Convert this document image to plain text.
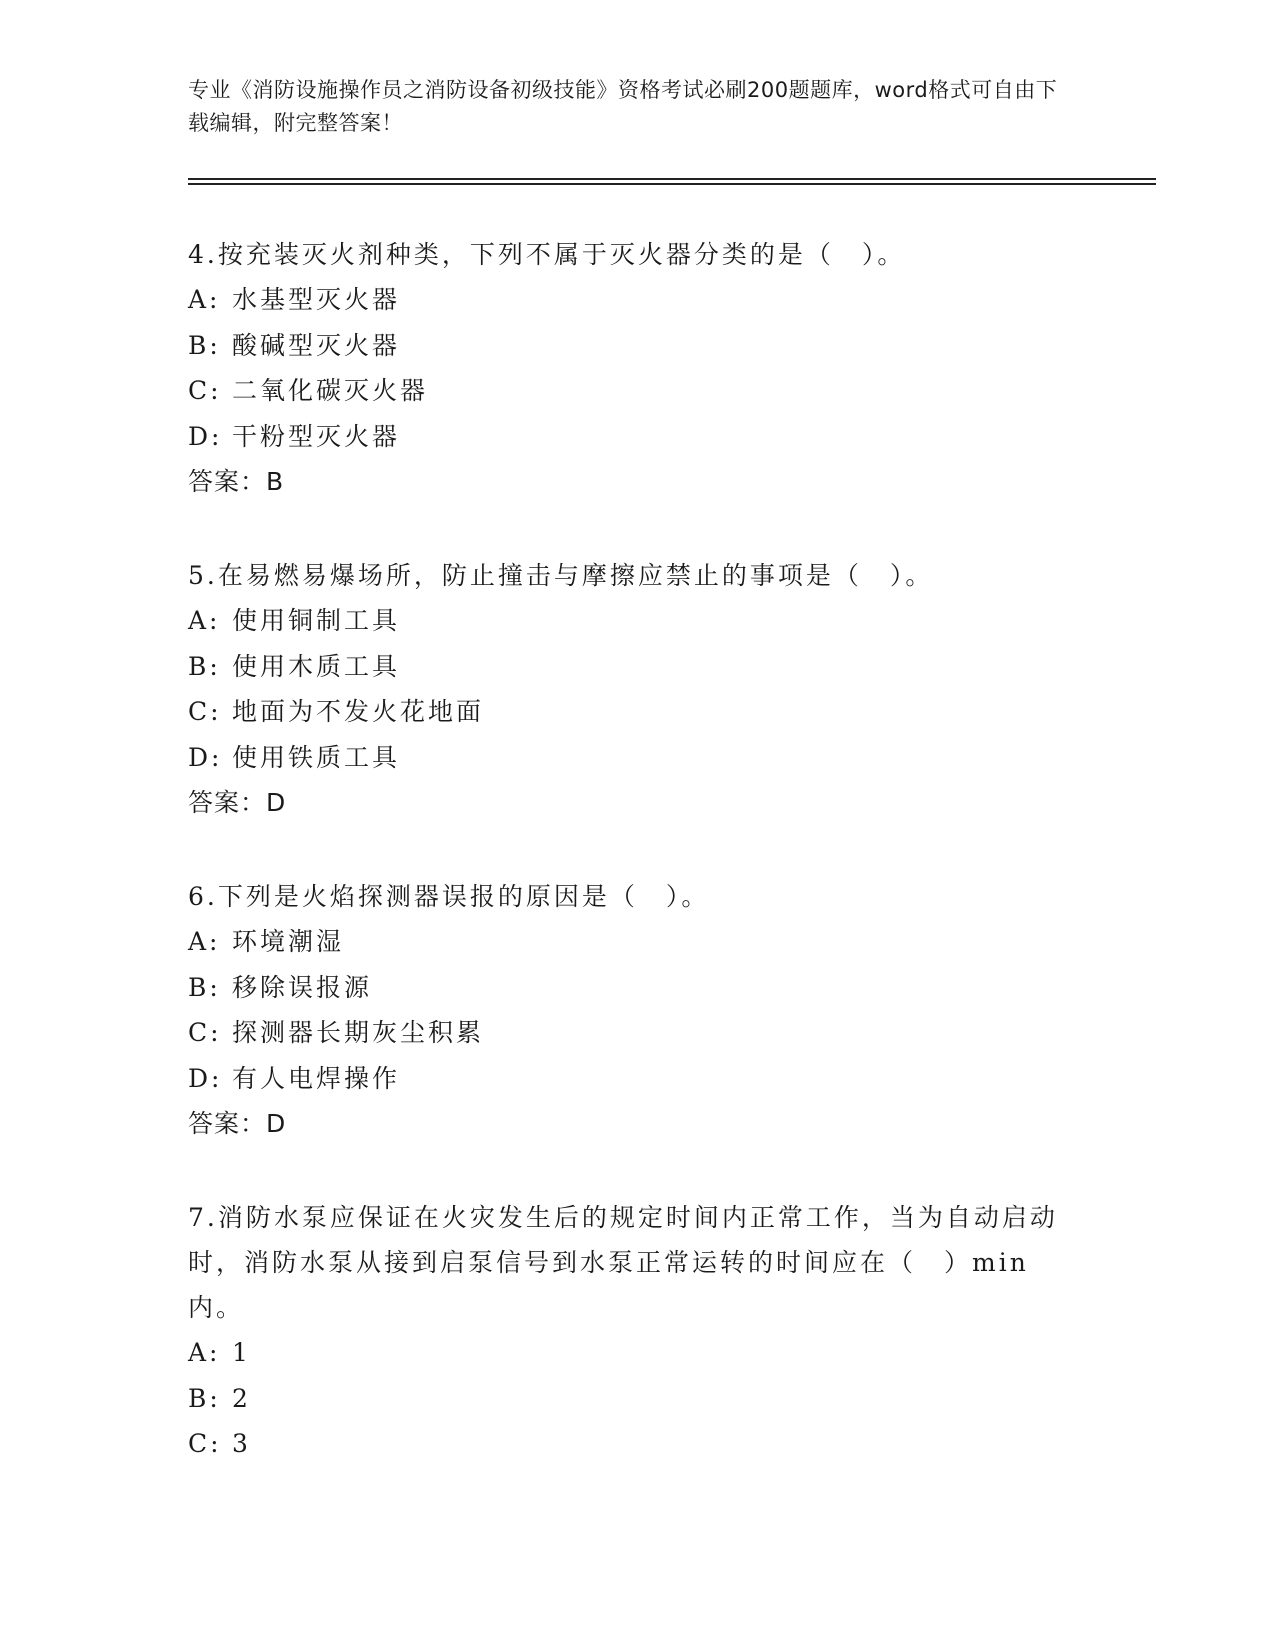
专业《消防设施操作员之消防设备初级技能》资格考试必刷200题题库，word格式可自由下载编辑，附完整答案！
4.按充装灭火剂种类，下列不属于灭火器分类的是（　）。
A: 水基型灭火器
B: 酸碱型灭火器
C: 二氧化碳灭火器
D: 干粉型灭火器
答案：B
5.在易燃易爆场所，防止撞击与摩擦应禁止的事项是（　）。
A: 使用铜制工具
B: 使用木质工具
C: 地面为不发火花地面
D: 使用铁质工具
答案：D
6.下列是火焰探测器误报的原因是（　）。
A: 环境潮湿
B: 移除误报源
C: 探测器长期灰尘积累
D: 有人电焊操作
答案：D
7.消防水泵应保证在火灾发生后的规定时间内正常工作，当为自动启动时，消防水泵从接到启泵信号到水泵正常运转的时间应在（　）min内。
A: 1
B: 2
C: 3
